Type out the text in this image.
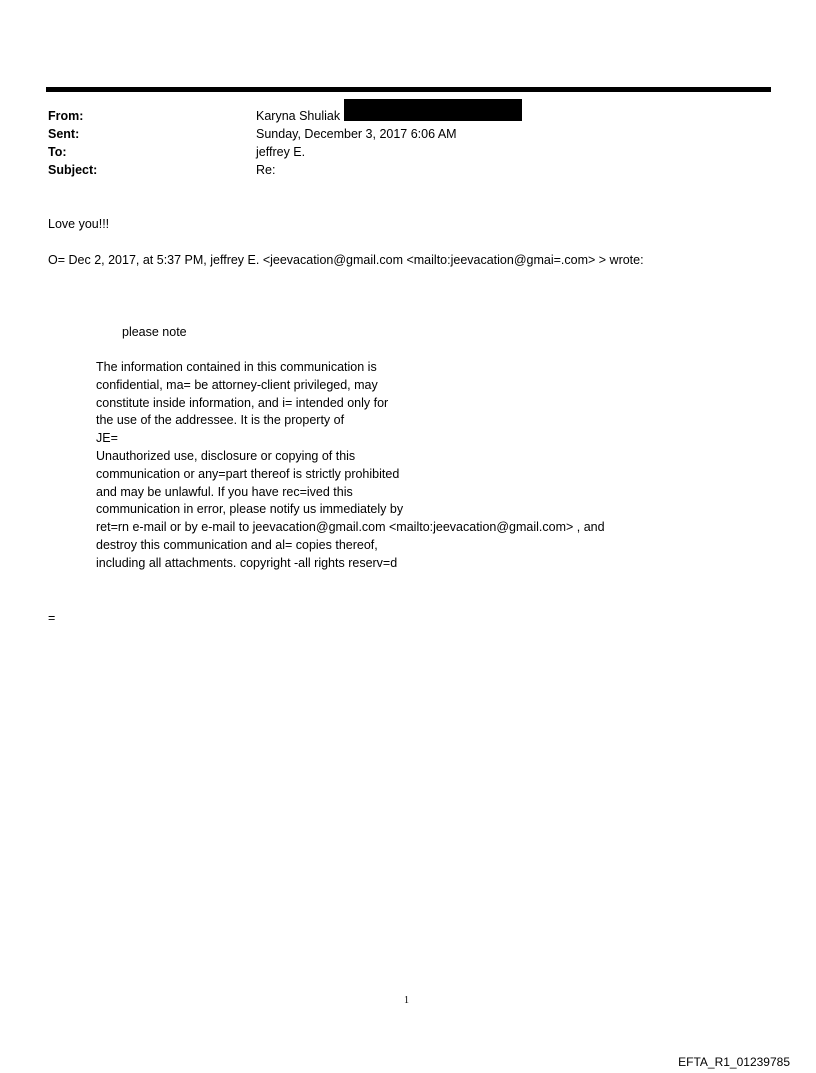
From:	Karyna Shuliak
Sent:	Sunday, December 3, 2017 6:06 AM
To:	jeffrey E.
Subject:	Re:
Love you!!!
O= Dec 2, 2017, at 5:37 PM, jeffrey E. <jeevacation@gmail.com <mailto:jeevacation@gmai=.com> > wrote:
please note
The information contained in this communication is
confidential, ma= be attorney-client privileged, may
constitute inside information, and i= intended only for
the use of the addressee. It is the property of
JE=
Unauthorized use, disclosure or copying of this
communication or any=part thereof is strictly prohibited
and may be unlawful. If you have rec=ived this
communication in error, please notify us immediately by
ret=rn e-mail or by e-mail to jeevacation@gmail.com <mailto:jeevacation@gmail.com> , and
destroy this communication and al= copies thereof,
including all attachments. copyright -all rights reserv=d
=
1
EFTA_R1_01239785
